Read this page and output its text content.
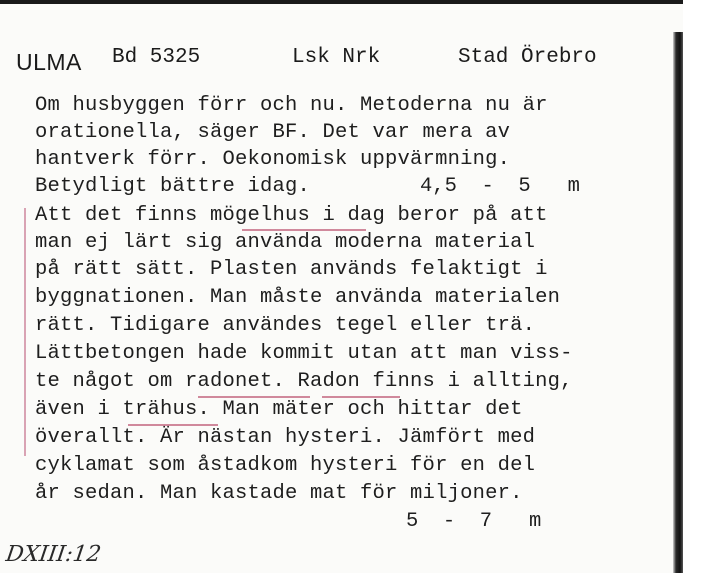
ULMA Bd 5325	Lsk Nrk	Stad Örebro
Om husbyggen förr och nu. Metoderna nu är
orationella, säger BF. Det var mera av
hantverk förr. Oekonomisk uppvärmning.
Betydligt bättre idag.	4,5  -  5   m
Att det finns mögelhus i dag beror på att
man ej lärt sig använda moderna material
på rätt sätt. Plasten används felaktigt i
byggnationen. Man måste använda materialen
rätt. Tidigare användes tegel eller trä.
Lättbetongen hade kommit utan att man viss-
te något om radonet. Radon finns i allting,
även i trähus. Man mäter och hittar det
överallt. Är nästan hysteri. Jämfört med
cyklamat som åstadkom hysteri för en del
år sedan. Man kastade mat för miljoner.
5  -  7   m
DXIII:12
